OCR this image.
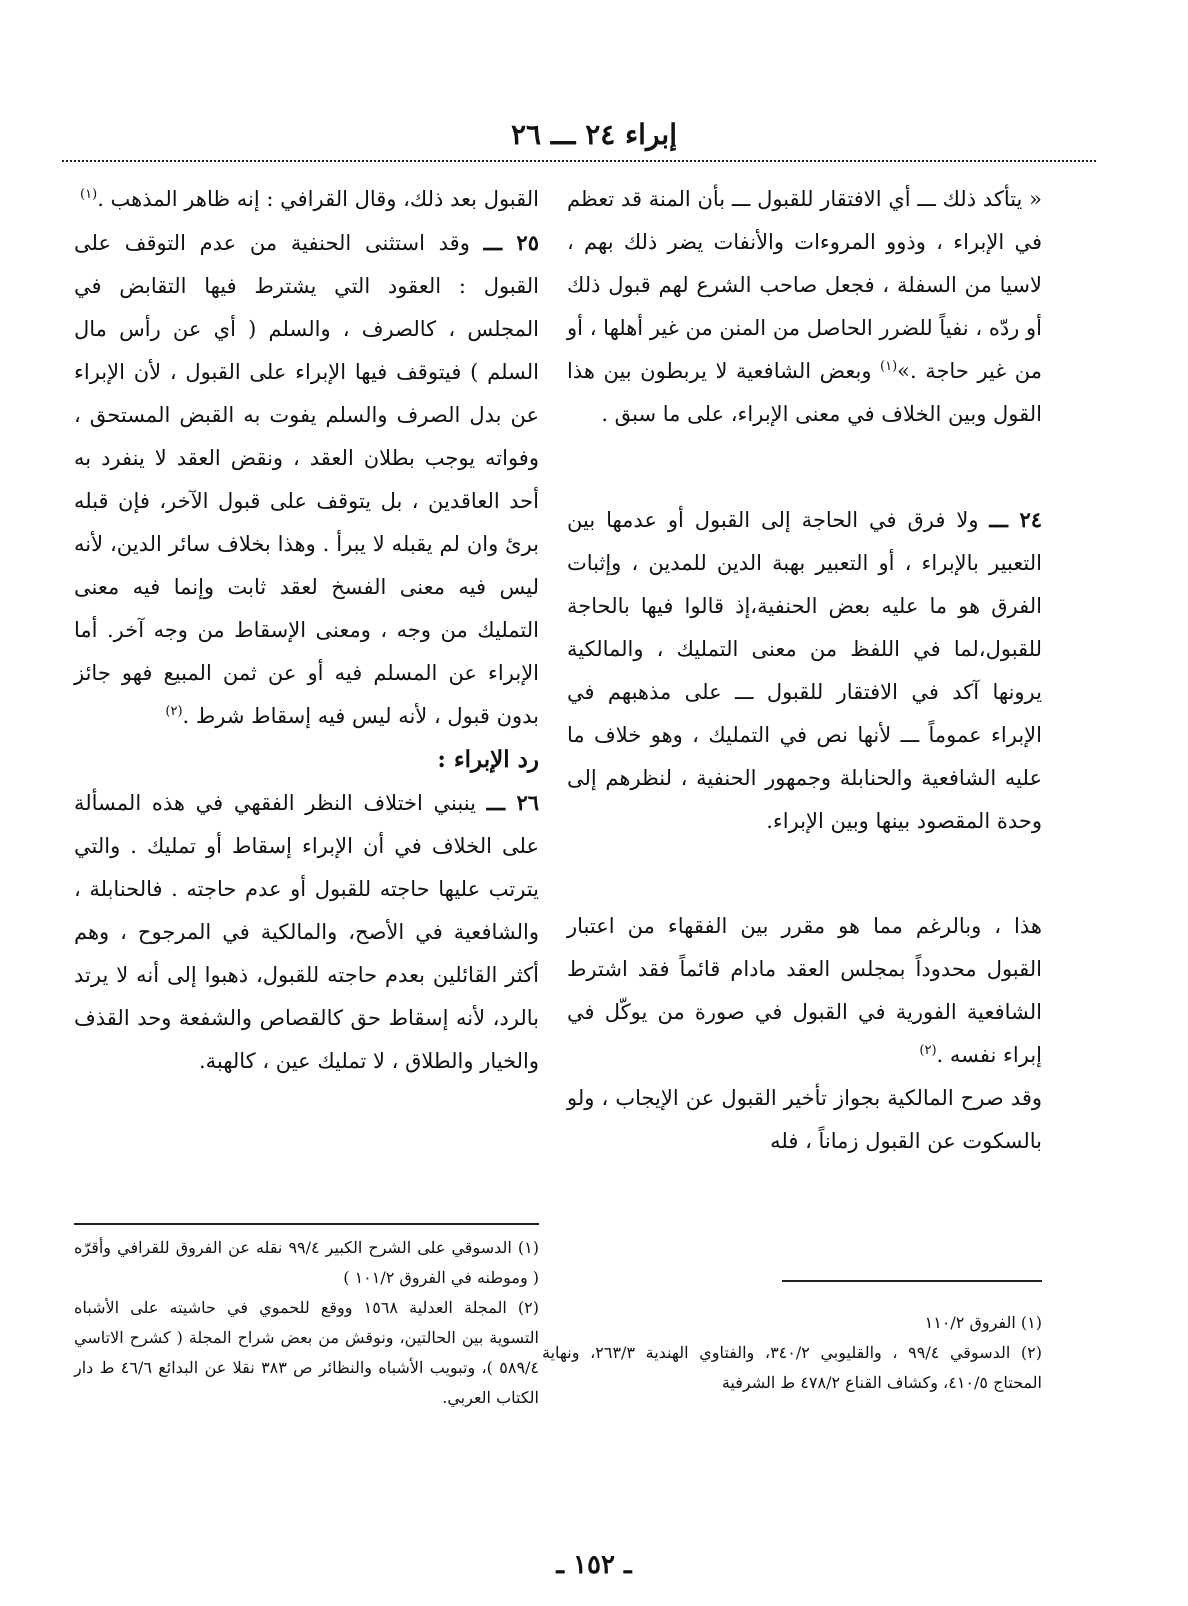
إبراء ٢٤ ـــ ٢٦

« يتأكد ذلك ـــ أي الافتقار للقبول ـــ بأن المنة قد تعظم في الإبراء ، وذوو المروءات والأنفات يضر ذلك بهم ، لاسيا من السفلة ، فجعل صاحب الشرع لهم قبول ذلك أو ردّه ، نفياً للضرر الحاصل من المنن من غير أهلها ، أو من غير حاجة .»$^{(١)}$ وبعض الشافعية لا يربطون بين هذا القول وبين الخلاف في معنى الإبراء، على ما سبق .

٢٤ ـــ ولا فرق في الحاجة إلى القبول أو عدمها بين التعبير بالإبراء ، أو التعبير بهبة الدين للمدين ، وإثبات الفرق هو ما عليه بعض الحنفية،إذ قالوا فيها بالحاجة للقبول،لما في اللفظ من معنى التمليك ، والمالكية يرونها آكد في الافتقار للقبول ـــ على مذهبهم في الإبراء عموماً ـــ لأنها نص في التمليك ، وهو خلاف ما عليه الشافعية والحنابلة وجمهور الحنفية ، لنظرهم إلى وحدة المقصود بينها وبين الإبراء.

هذا ، وبالرغم مما هو مقرر بين الفقهاء من اعتبار القبول محدوداً بمجلس العقد مادام قائماً فقد اشترط الشافعية الفورية في القبول في صورة من يوكّل في إبراء نفسه .$^{(٢)}$

وقد صرح المالكية بجواز تأخير القبول عن الإيجاب ، ولو بالسكوت عن القبول زماناً ، فله

القبول بعد ذلك، وقال القرافي : إنه ظاهر المذهب .$^{(١)}$

٢٥ ـــ وقد استثنى الحنفية من عدم التوقف على القبول : العقود التي يشترط فيها التقابض في المجلس ، كالصرف ، والسلم ( أي عن رأس مال السلم ) فيتوقف فيها الإبراء على القبول ، لأن الإبراء عن بدل الصرف والسلم يفوت به القبض المستحق ، وفواته يوجب بطلان العقد ، ونقض العقد لا ينفرد به أحد العاقدين ، بل يتوقف على قبول الآخر، فإن قبله برئ وان لم يقبله لا يبرأ . وهذا بخلاف سائر الدين، لأنه ليس فيه معنى الفسخ لعقد ثابت وإنما فيه معنى التمليك من وجه ، ومعنى الإسقاط من وجه آخر. أما الإبراء عن المسلم فيه أو عن ثمن المبيع فهو جائز بدون قبول ، لأنه ليس فيه إسقاط شرط .$^{(٢)}$

رد الإبراء :

٢٦ ـــ ينبني اختلاف النظر الفقهي في هذه المسألة على الخلاف في أن الإبراء إسقاط أو تمليك . والتي يترتب عليها حاجته للقبول أو عدم حاجته . فالحنابلة ، والشافعية في الأصح، والمالكية في المرجوح ، وهم أكثر القائلين بعدم حاجته للقبول، ذهبوا إلى أنه لا يرتد بالرد، لأنه إسقاط حق كالقصاص والشفعة وحد القذف والخيار والطلاق ، لا تمليك عين ، كالهبة.

(١) الدسوقي على الشرح الكبير ٩٩/٤ نقله عن الفروق للقرافي وأقرّه ( وموطنه في الفروق ١٠١/٢ )

(٢) المجلة العدلية ١٥٦٨ ووقع للحموي في حاشيته على الأشباه التسوية بين الحالتين، ونوقش من بعض شراح المجلة ( كشرح الاتاسي ٥٨٩/٤ )، وتبويب الأشباه والنظائر ص ٣٨٣ نقلا عن البدائع ٤٦/٦ ط دار الكتاب العربي.

(١) الفروق ١١٠/٢

(٢) الدسوقي ٩٩/٤ ، والقليوبي ٣٤٠/٢، والفتاوي الهندية ٢٦٣/٣، ونهاية المحتاج ٤١٠/٥، وكشاف القناع ٤٧٨/٢ ط الشرفية

ـ ١٥٢ ـ
